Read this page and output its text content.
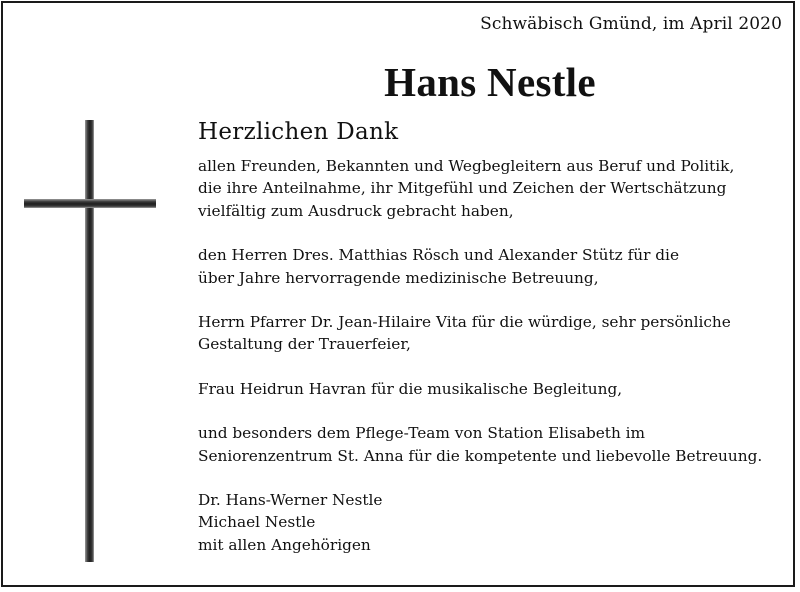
Schwäbisch Gmünd, im April 2020
Hans Nestle
Herzlichen Dank
allen Freunden, Bekannten und Wegbegleitern aus Beruf und Politik,
die ihre Anteilnahme, ihr Mitgefühl und Zeichen der Wertschätzung
vielfältig zum Ausdruck gebracht haben,
den Herren Dres. Matthias Rösch und Alexander Stütz für die
über Jahre hervorragende medizinische Betreuung,
Herrn Pfarrer Dr. Jean-Hilaire Vita für die würdige, sehr persönliche
Gestaltung der Trauerfeier,
Frau Heidrun Havran für die musikalische Begleitung,
und besonders dem Pflege-Team von Station Elisabeth im
Seniorenzentrum St. Anna für die kompetente und liebevolle Betreuung.
Dr. Hans-Werner Nestle
Michael Nestle
mit allen Angehörigen
